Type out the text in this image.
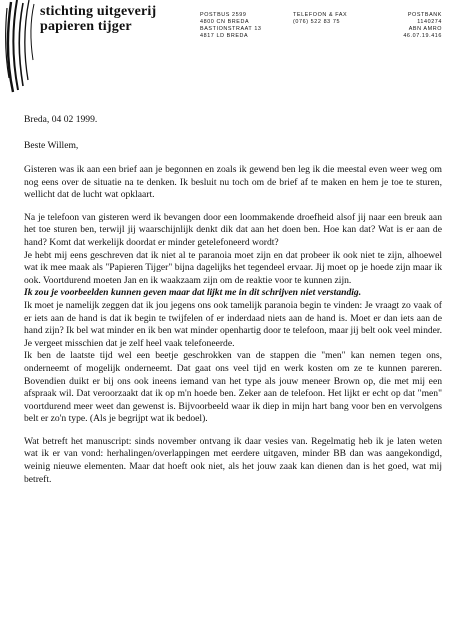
stichting uitgeverij
papieren tijger
POSTBUS 2599
4800 CN BREDA
BASTIONSTRAAT 13
4817 LD BREDA
TELEFOON & FAX
(076) 522 83 75
POSTBANK
1140274
ABN AMRO
46.07.19.416

Breda, 04 02 1999.

Beste Willem,

Gisteren was ik aan een brief aan je begonnen en zoals ik gewend ben leg ik die meestal even weer weg om nog eens over de situatie na te denken. Ik besluit nu toch om de brief af te maken en hem je toe te sturen, wellicht dat de lucht wat opklaart.

Na je telefoon van gisteren werd ik bevangen door een loommakende droefheid alsof jij naar een breuk aan het toe sturen ben, terwijl jij waarschijnlijk denkt dik dat aan het doen ben. Hoe kan dat? Wat is er aan de hand? Komt dat werkelijk doordat er minder getelefoneerd wordt?

Je hebt mij eens geschreven dat ik niet al te paranoia moet zijn en dat probeer ik ook niet te zijn, alhoewel wat ik mee maak als "Papieren Tijger" bijna dagelijks het tegendeel ervaar. Jij moet op je hoede zijn maar ik ook. Voortdurend moeten Jan en ik waakzaam zijn om de reaktie voor te kunnen zijn.

Ik zou je voorbeelden kunnen geven maar dat lijkt me in dit schrijven niet verstandig.

Ik moet je namelijk zeggen dat ik jou jegens ons ook tamelijk paranoia begin te vinden: Je vraagt zo vaak of er iets aan de hand is dat ik begin te twijfelen of er inderdaad niets aan de hand is. Moet er dan iets aan de hand zijn? Ik bel wat minder en ik ben wat minder openhartig door te telefoon, maar jij belt ook veel minder. Je vergeet misschien dat je zelf heel vaak telefoneerde.

Ik ben de laatste tijd wel een beetje geschrokken van de stappen die "men" kan nemen tegen ons, onderneemt of mogelijk onderneemt. Dat gaat ons veel tijd en werk kosten om ze te kunnen pareren. Bovendien duikt er bij ons ook ineens iemand van het type als jouw meneer Brown op, die met mij een afspraak wil. Dat veroorzaakt dat ik op m'n hoede ben. Zeker aan de telefoon. Het lijkt er echt op dat "men" voortdurend meer weet dan gewenst is. Bijvoorbeeld waar ik diep in mijn hart bang voor ben en vervolgens belt er zo'n type. (Als je begrijpt wat ik bedoel).

Wat betreft het manuscript: sinds november ontvang ik daar vesies van. Regelmatig heb ik je laten weten wat ik er van vond: herhalingen/overlappingen met eerdere uitgaven, minder BB dan was aangekondigd, weinig nieuwe elementen. Maar dat hoeft ook niet, als het jouw zaak kan dienen dan is het goed, wat mij betreft.
